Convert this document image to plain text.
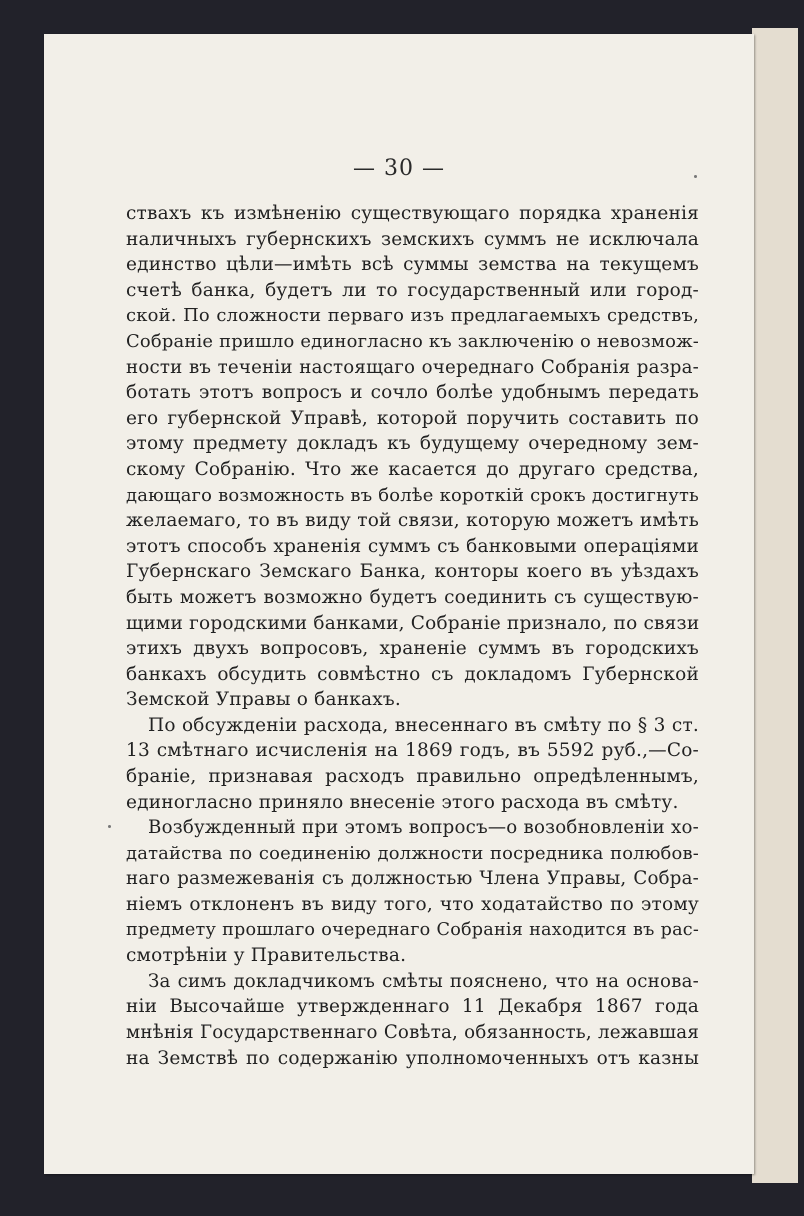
— 30 —
ствахъ къ измѣненію существующаго порядка храненія
наличныхъ губернскихъ земскихъ суммъ не исключала
единство цѣли—имѣть всѣ суммы земства на текущемъ
счетѣ банка, будетъ ли то государственный или город-
ской. По сложности перваго изъ предлагаемыхъ средствъ,
Собраніе пришло единогласно къ заключенію о невозмож-
ности въ теченіи настоящаго очереднаго Собранія разра-
ботать этотъ вопросъ и сочло болѣе удобнымъ передать
его губернской Управѣ, которой поручить составить по
этому предмету докладъ къ будущему очередному зем-
скому Собранію. Что же касается до другаго средства,
дающаго возможность въ болѣе короткій срокъ достигнуть
желаемаго, то въ виду той связи, которую можетъ имѣть
этотъ способъ храненія суммъ съ банковыми операціями
Губернскаго Земскаго Банка, конторы коего въ уѣздахъ
быть можетъ возможно будетъ соединить съ существую-
щими городскими банками, Собраніе признало, по связи
этихъ двухъ вопросовъ, храненіе суммъ въ городскихъ
банкахъ обсудить совмѣстно съ докладомъ Губернской
Земской Управы о банкахъ.
По обсужденіи расхода, внесеннаго въ смѣту по § 3 ст.
13 смѣтнаго исчисленія на 1869 годъ, въ 5592 руб.,—Со-
браніе, признавая расходъ правильно опредѣленнымъ,
единогласно приняло внесеніе этого расхода въ смѣту.
Возбужденный при этомъ вопросъ—о возобновленіи хо-
датайства по соединенію должности посредника полюбов-
наго размежеванія съ должностью Члена Управы, Собра-
ніемъ отклоненъ въ виду того, что ходатайство по этому
предмету прошлаго очереднаго Собранія находится въ рас-
смотрѣніи у Правительства.
За симъ докладчикомъ смѣты пояснено, что на основа-
ніи Высочайше утвержденнаго 11 Декабря 1867 года
мнѣнія Государственнаго Совѣта, обязанность, лежавшая
на Земствѣ по содержанію уполномоченныхъ отъ казны
